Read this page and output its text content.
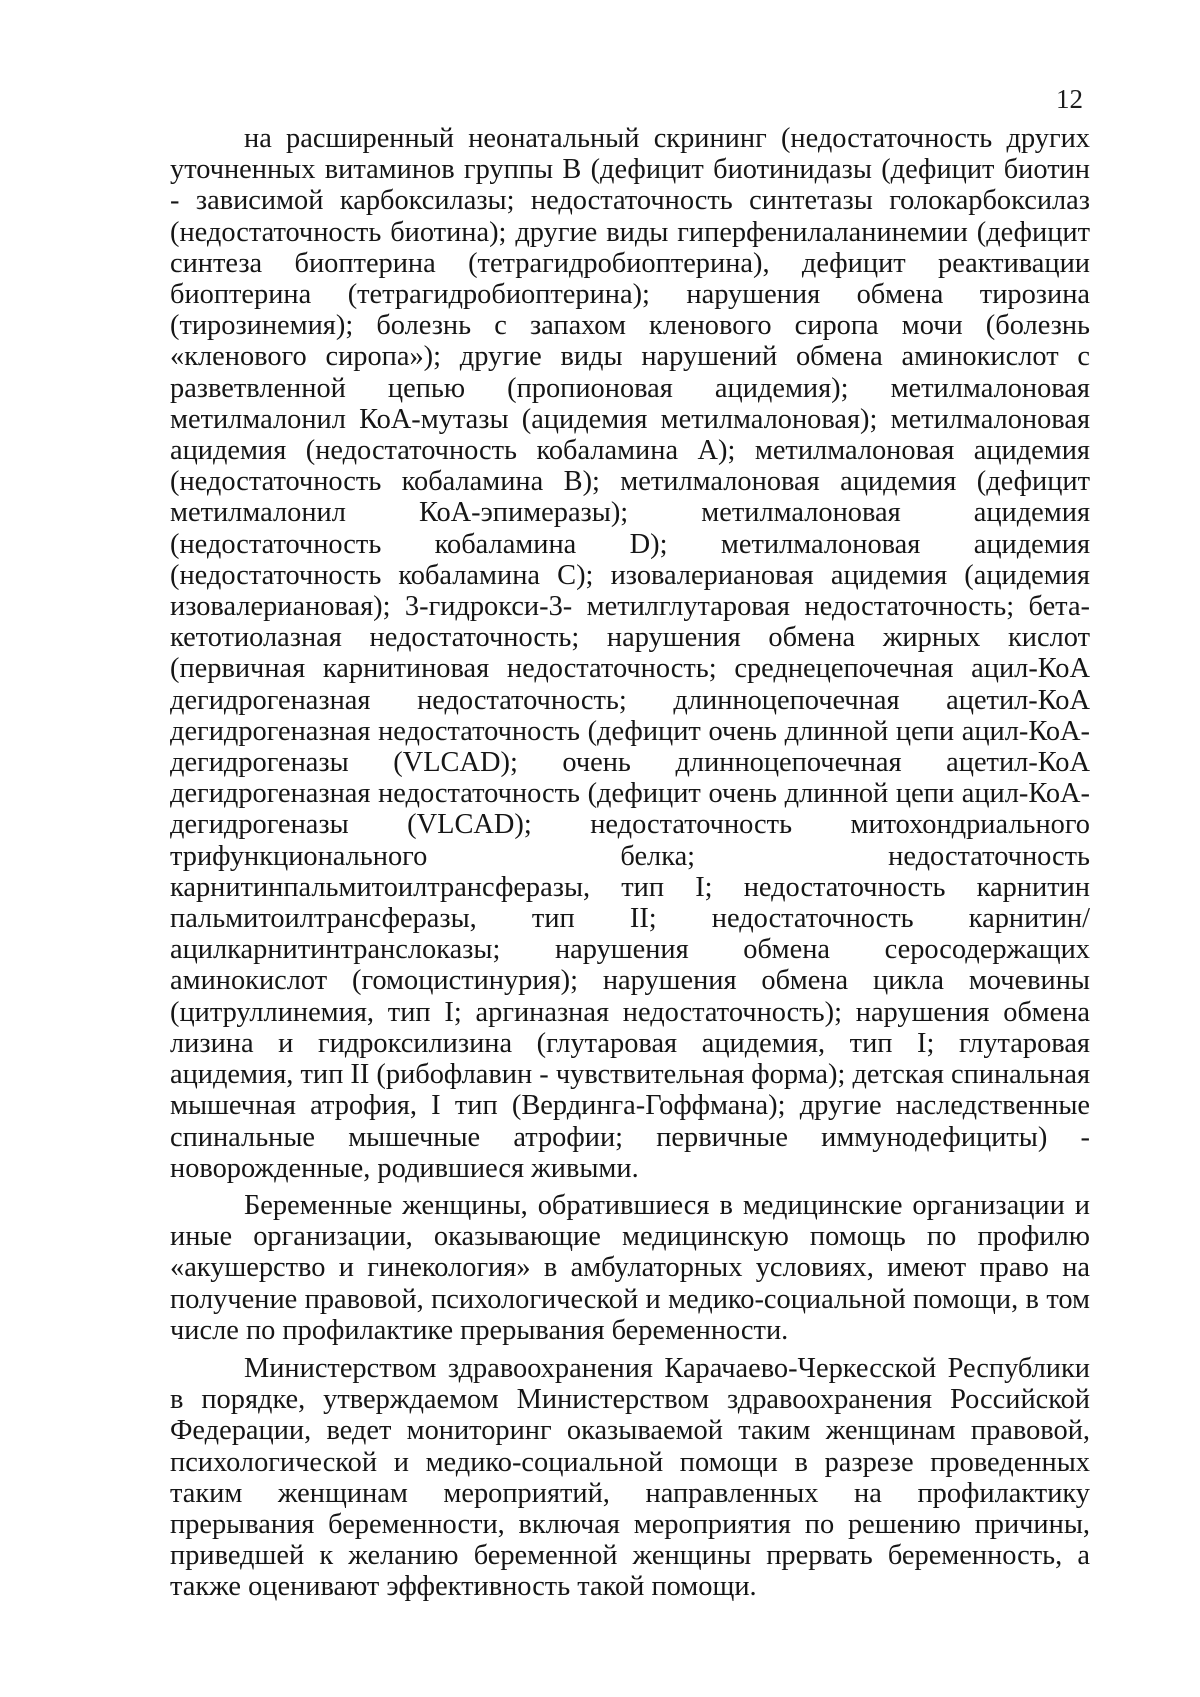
12

на расширенный неонатальный скрининг (недостаточность других уточненных витаминов группы В (дефицит биотинидазы (дефицит биотин - зависимой карбоксилазы; недостаточность синтетазы голокарбоксилаз (недостаточность биотина); другие виды гиперфенилаланинемии (дефицит синтеза биоптерина (тетрагидробиоптерина), дефицит реактивации биоптерина (тетрагидробиоптерина); нарушения обмена тирозина (тирозинемия); болезнь с запахом кленового сиропа мочи (болезнь «кленового сиропа»); другие виды нарушений обмена аминокислот с разветвленной цепью (пропионовая ацидемия); метилмалоновая метилмалонил КоА-мутазы (ацидемия метилмалоновая); метилмалоновая ацидемия (недостаточность кобаламина А); метилмалоновая ацидемия (недостаточность кобаламина В); метилмалоновая ацидемия (дефицит метилмалонил КоА-эпимеразы); метилмалоновая ацидемия (недостаточность кобаламина D); метилмалоновая ацидемия (недостаточность кобаламина С); изовалериановая ацидемия (ацидемия изовалериановая); 3-гидрокси-3- метилглутаровая недостаточность; бета-кетотиолазная недостаточность; нарушения обмена жирных кислот (первичная карнитиновая недостаточность; среднецепочечная ацил-КоА дегидрогеназная недостаточность; длинноцепочечная ацетил-КоА дегидрогеназная недостаточность (дефицит очень длинной цепи ацил-КоА-дегидрогеназы (VLCAD); очень длинноцепочечная ацетил-КоА дегидрогеназная недостаточность (дефицит очень длинной цепи ацил-КоА-дегидрогеназы (VLCAD); недостаточность митохондриального трифункционального белка; недостаточность карнитинпальмитоилтрансферазы, тип I; недостаточность карнитин пальмитоилтрансферазы, тип II; недостаточность карнитин/ацилкарнитинтранслоказы; нарушения обмена серосодержащих аминокислот (гомоцистинурия); нарушения обмена цикла мочевины (цитруллинемия, тип I; аргиназная недостаточность); нарушения обмена лизина и гидроксилизина (глутаровая ацидемия, тип I; глутаровая ацидемия, тип II (рибофлавин - чувствительная форма); детская спинальная мышечная атрофия, I тип (Вердинга-Гоффмана); другие наследственные спинальные мышечные атрофии; первичные иммунодефициты) - новорожденные, родившиеся живыми.

Беременные женщины, обратившиеся в медицинские организации и иные организации, оказывающие медицинскую помощь по профилю «акушерство и гинекология» в амбулаторных условиях, имеют право на получение правовой, психологической и медико-социальной помощи, в том числе по профилактике прерывания беременности.

Министерством здравоохранения Карачаево-Черкесской Республики в порядке, утверждаемом Министерством здравоохранения Российской Федерации, ведет мониторинг оказываемой таким женщинам правовой, психологической и медико-социальной помощи в разрезе проведенных таким женщинам мероприятий, направленных на профилактику прерывания беременности, включая мероприятия по решению причины, приведшей к желанию беременной женщины прервать беременность, а также оценивают эффективность такой помощи.
